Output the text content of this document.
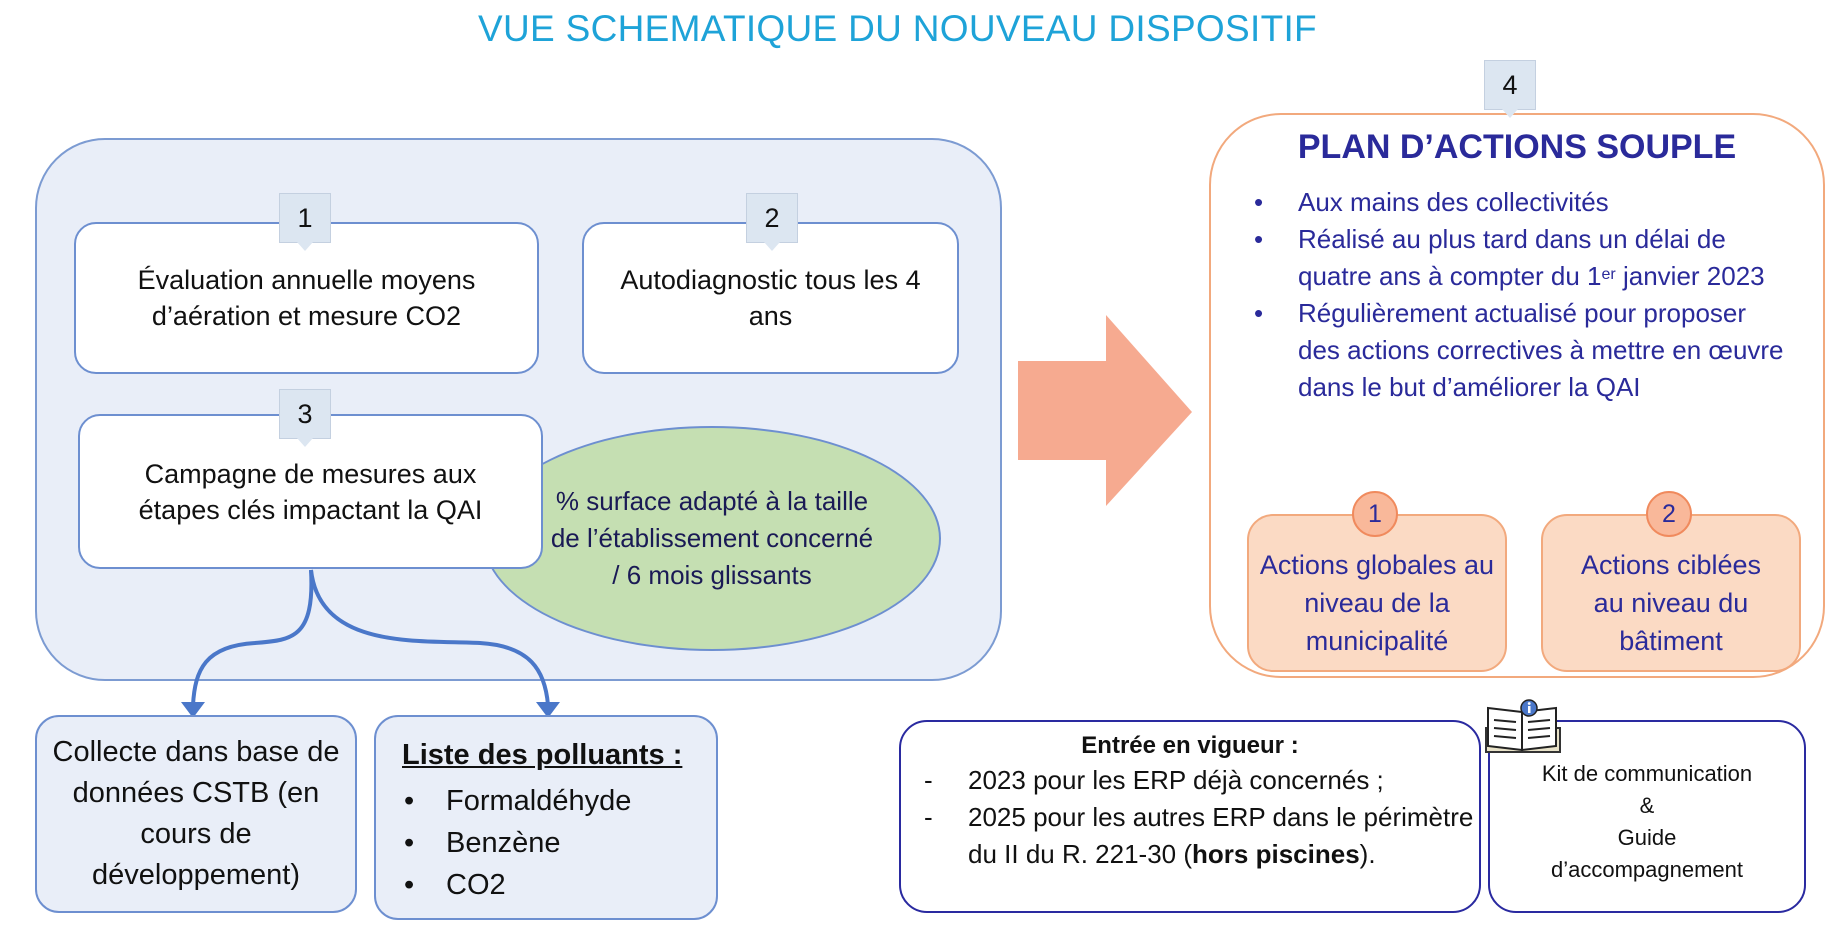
VUE SCHEMATIQUE DU NOUVEAU DISPOSITIF
Évaluation annuelle moyens d’aération et mesure CO2
1
Autodiagnostic tous les 4 ans
2
% surface adapté à la taille de l’établissement concerné / 6 mois glissants
Campagne de mesures aux étapes clés impactant la QAI
3
Collecte dans base de données CSTB (en cours de développement)
Liste des polluants :
• Formaldéhyde
• Benzène
• CO2
4
PLAN D’ACTIONS SOUPLE
• Aux mains des collectivités
• Réalisé au plus tard dans un délai de quatre ans à compter du 1er janvier 2023
• Régulièrement actualisé pour proposer des actions correctives à mettre en œuvre dans le but d’améliorer la QAI
Actions globales au niveau de la municipalité
1
Actions ciblées au niveau du bâtiment
2
Entrée en vigueur :
- 2023 pour les ERP déjà concernés ;
- 2025 pour les autres ERP dans le périmètre du II du R. 221-30 (hors piscines).
Kit de communication
&
Guide d’accompagnement
